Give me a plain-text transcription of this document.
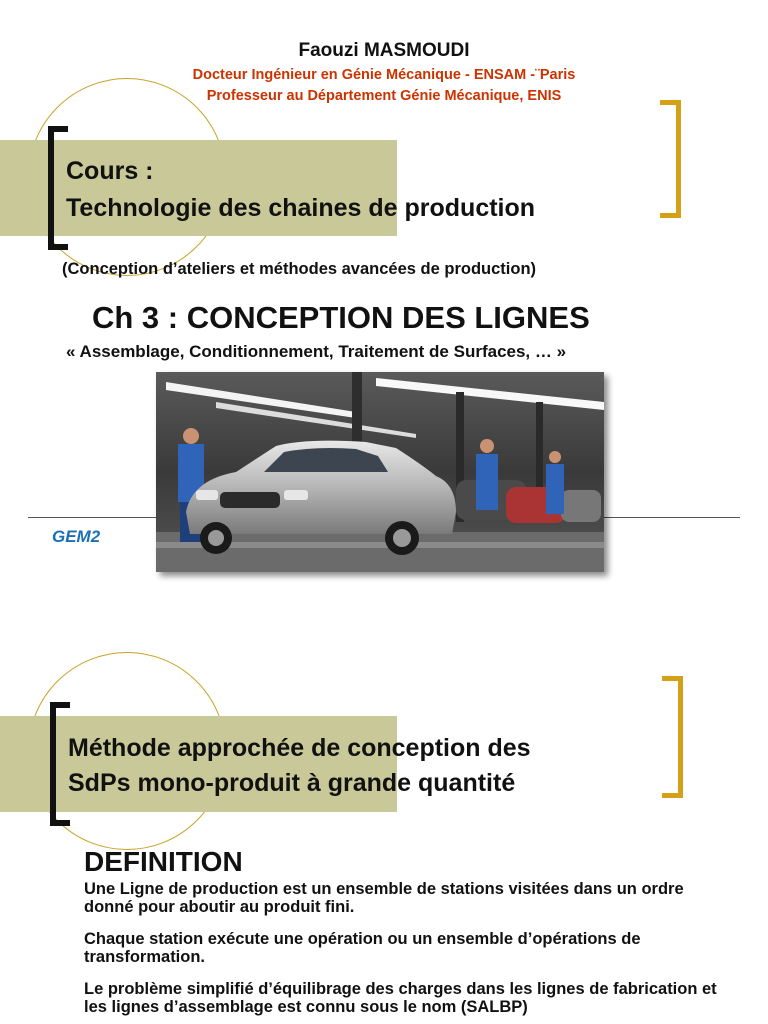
Faouzi MASMOUDI
Docteur Ingénieur en Génie Mécanique - ENSAM -¨Paris
Professeur au Département Génie Mécanique, ENIS
Cours :
Technologie des chaines de production
(Conception d’ateliers et méthodes avancées de production)
Ch 3 : CONCEPTION DES LIGNES
« Assemblage, Conditionnement, Traitement de Surfaces, … »
GEM2
Méthode approchée de conception des
SdPs mono-produit à grande quantité
DEFINITION
Une Ligne de production est un ensemble de stations visitées dans un ordre donné pour aboutir au produit fini.
Chaque station exécute une opération ou un ensemble d’opérations de transformation.
Le problème simplifié d’équilibrage des charges dans les lignes de fabrication et les lignes d’assemblage est connu sous le nom (SALBP)
